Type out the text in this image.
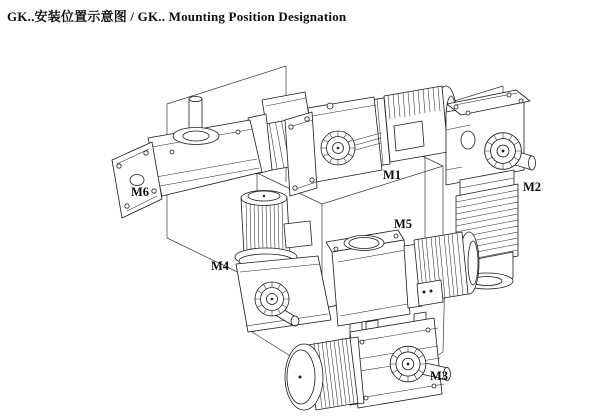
GK..安装位置示意图 / GK.. Mounting Position Designation
M6
M1
M2
M4
M5
M3
